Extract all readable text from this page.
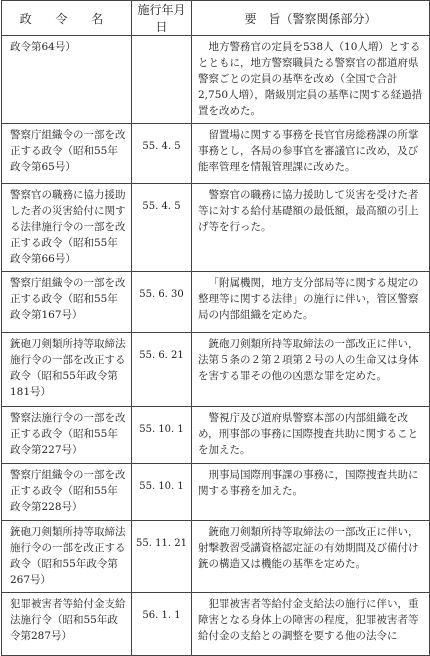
政 令 名	施行年月日	要　旨（警察関係部分）

政令第64号）		地方警務官の定員を538人（10人増）とするとともに，地方警察職員たる警察官の都道府県警察ごとの定員の基準を改め（全国で合計2,750人増），階級別定員の基準に関する経過措置を改めた。

警察庁組織令の一部を改正する政令（昭和55年政令第65号）	55. 4. 5	留置場に関する事務を長官官房総務課の所掌事務とし，各局の参事官を審議官に改め，及び能率管理を情報管理課に改めた。

警察官の職務に協力援助した者の災害給付に関する法律施行令の一部を改正する政令（昭和55年政令第66号）	55. 4. 5	警察官の職務に協力援助して災害を受けた者等に対する給付基礎額の最低額，最高額の引上げ等を行った。

警察庁組織令の一部を改正する政令（昭和55年政令第167号）	55. 6. 30	「附属機関，地方支分部局等に関する規定の整理等に関する法律」の施行に伴い，管区警察局の内部組織を定めた。

銃砲刀剣類所持等取締法施行令の一部を改正する政令（昭和55年政令第181号）	55. 6. 21	銃砲刀剣類所持等取締法の一部改正に伴い，法第５条の２第２項第２号の人の生命又は身体を害する罪その他の凶悪な罪を定めた。

警察法施行令の一部を改正する政令（昭和55年政令第227号）	55. 10. 1	警視庁及び道府県警察本部の内部組織を改め，刑事部の事務に国際捜査共助に関することを加えた。

警察庁組織令の一部を改正する政令（昭和55年政令第228号）	55. 10. 1	刑事局国際刑事課の事務に，国際捜査共助に関する事務を加えた。

銃砲刀剣類所持等取締法施行令の一部を改正する政令（昭和55年政令第267号）	55. 11. 21	銃砲刀剣類所持等取締法の一部改正に伴い，射撃教習受講資格認定証の有効期間及び備付け銃の構造又は機能の基準を定めた。

犯罪被害者等給付金支給法施行令（昭和55年政令第287号）	56. 1. 1	犯罪被害者等給付金支給法の施行に伴い，重障害となる身体上の障害の程度，犯罪被害者等給付金の支給との調整を要する他の法令に
